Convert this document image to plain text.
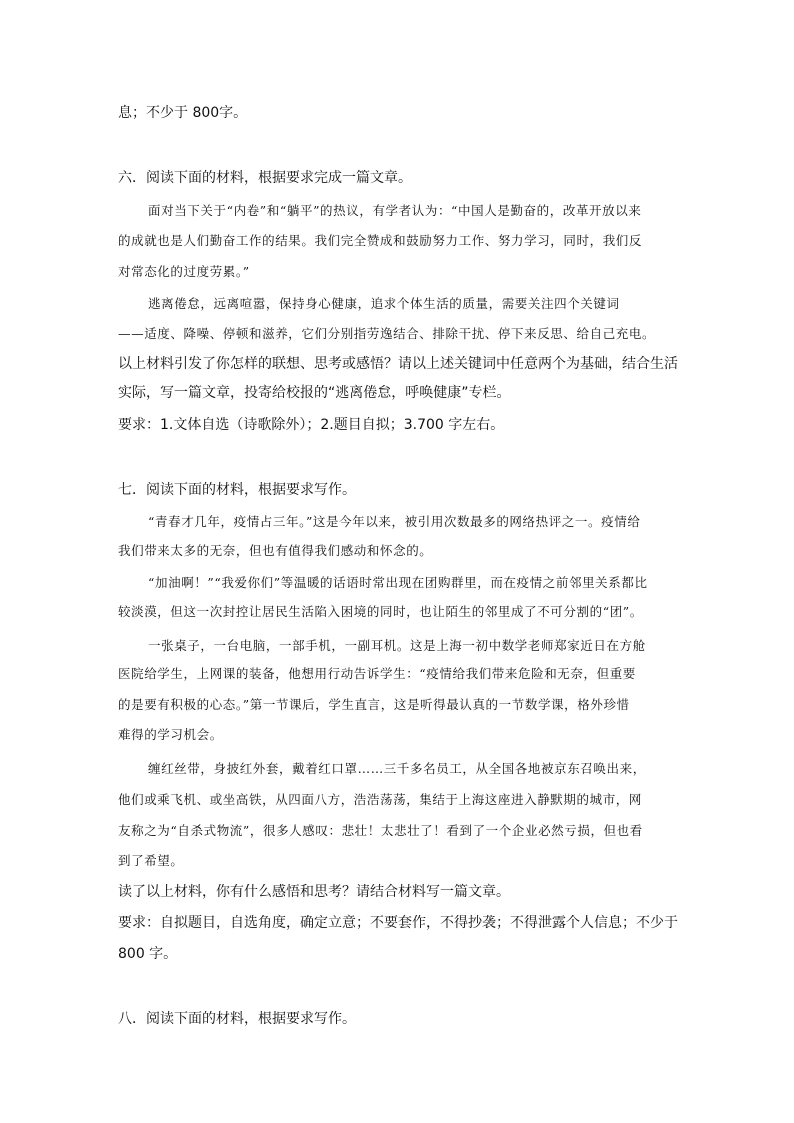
息；不少于 800字。
六．阅读下面的材料，根据要求完成一篇文章。
面对当下关于“内卷”和“躺平”的热议，有学者认为：“中国人是勤奋的，改革开放以来
的成就也是人们勤奋工作的结果。我们完全赞成和鼓励努力工作、努力学习，同时，我们反
对常态化的过度劳累。”
逃离倦怠，远离喧嚣，保持身心健康，追求个体生活的质量，需要关注四个关键词
——适度、降噪、停顿和滋养，它们分别指劳逸结合、排除干扰、停下来反思、给自己充电。
以上材料引发了你怎样的联想、思考或感悟？请以上述关键词中任意两个为基础，结合生活
实际，写一篇文章，投寄给校报的“逃离倦怠，呼唤健康”专栏。
要求：1.文体自选（诗歌除外）；2.题目自拟；3.700 字左右。
七．阅读下面的材料，根据要求写作。
“青春才几年，疫情占三年。”这是今年以来，被引用次数最多的网络热评之一。疫情给
我们带来太多的无奈，但也有值得我们感动和怀念的。
“加油啊！”“我爱你们”等温暖的话语时常出现在团购群里，而在疫情之前邻里关系都比
较淡漠，但这一次封控让居民生活陷入困境的同时，也让陌生的邻里成了不可分割的“团”。
一张桌子，一台电脑，一部手机，一副耳机。这是上海一初中数学老师郑家近日在方舱
医院给学生，上网课的装备，他想用行动告诉学生：“疫情给我们带来危险和无奈，但重要
的是要有积极的心态。”第一节课后，学生直言，这是听得最认真的一节数学课，格外珍惜
难得的学习机会。
缠红丝带，身披红外套，戴着红口罩……三千多名员工，从全国各地被京东召唤出来，
他们或乘飞机、或坐高铁，从四面八方，浩浩荡荡，集结于上海这座进入静默期的城市，网
友称之为“自杀式物流”，很多人感叹：悲壮！太悲壮了！看到了一个企业必然亏损，但也看
到了希望。
读了以上材料，你有什么感悟和思考？请结合材料写一篇文章。
要求：自拟题目，自选角度，确定立意；不要套作，不得抄袭；不得泄露个人信息；不少于
800 字。
八．阅读下面的材料，根据要求写作。
